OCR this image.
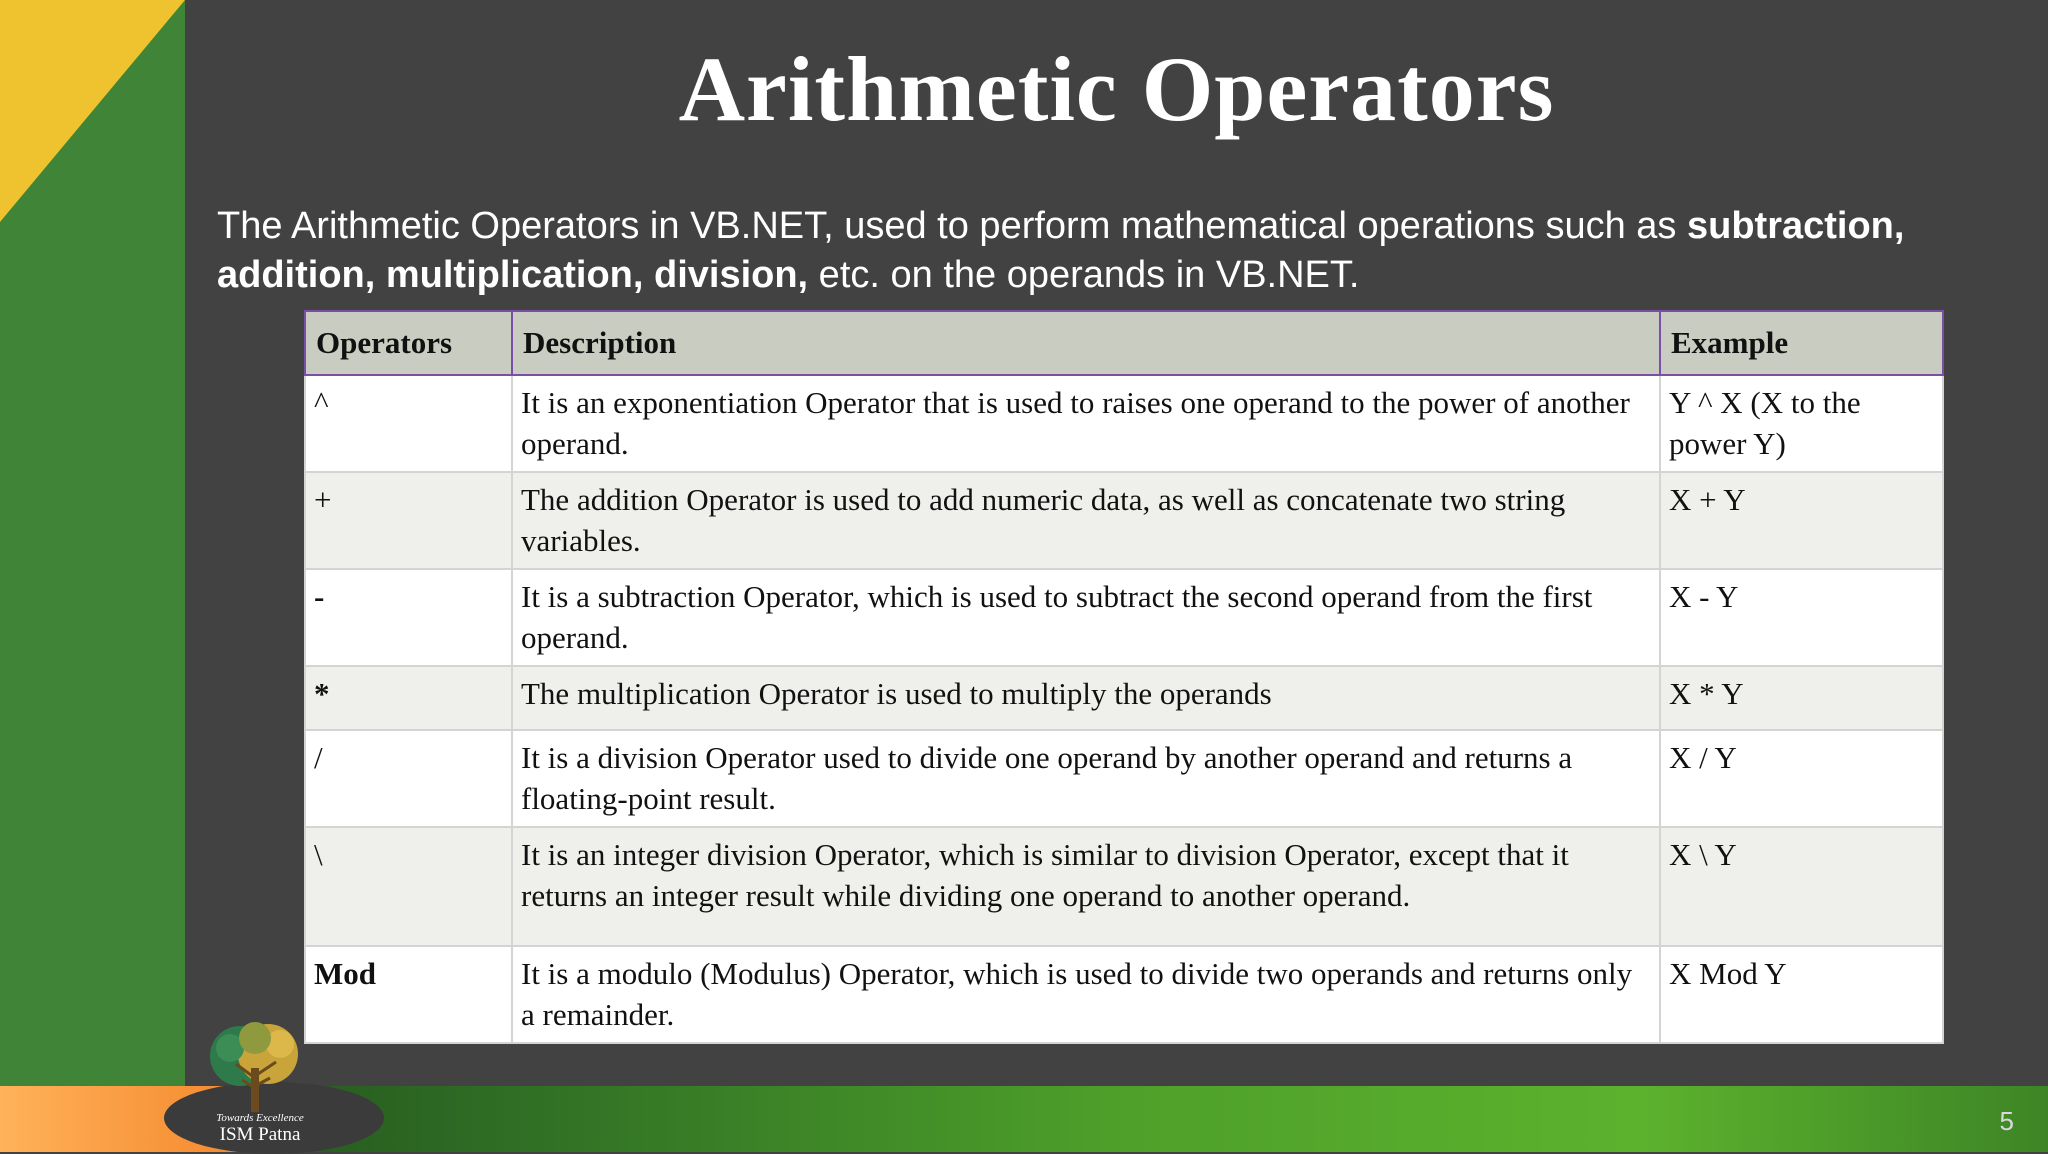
Arithmetic Operators
The Arithmetic Operators in VB.NET, used to perform mathematical operations such as subtraction, addition, multiplication, division, etc. on the operands in VB.NET.
Operators	Description	Example
^	It is an exponentiation Operator that is used to raises one operand to the power of another operand.	Y ^ X (X to the power Y)
+	The addition Operator is used to add numeric data, as well as concatenate two string variables.	X + Y
-	It is a subtraction Operator, which is used to subtract the second operand from the first operand.	X - Y
*	The multiplication Operator is used to multiply the operands	X * Y
/	It is a division Operator used to divide one operand by another operand and returns a floating-point result.	X / Y
\	It is an integer division Operator, which is similar to division Operator, except that it returns an integer result while dividing one operand to another operand.	X \ Y
Mod	It is a modulo (Modulus) Operator, which is used to divide two operands and returns only a remainder.	X Mod Y
Towards Excellence
ISM Patna	5
